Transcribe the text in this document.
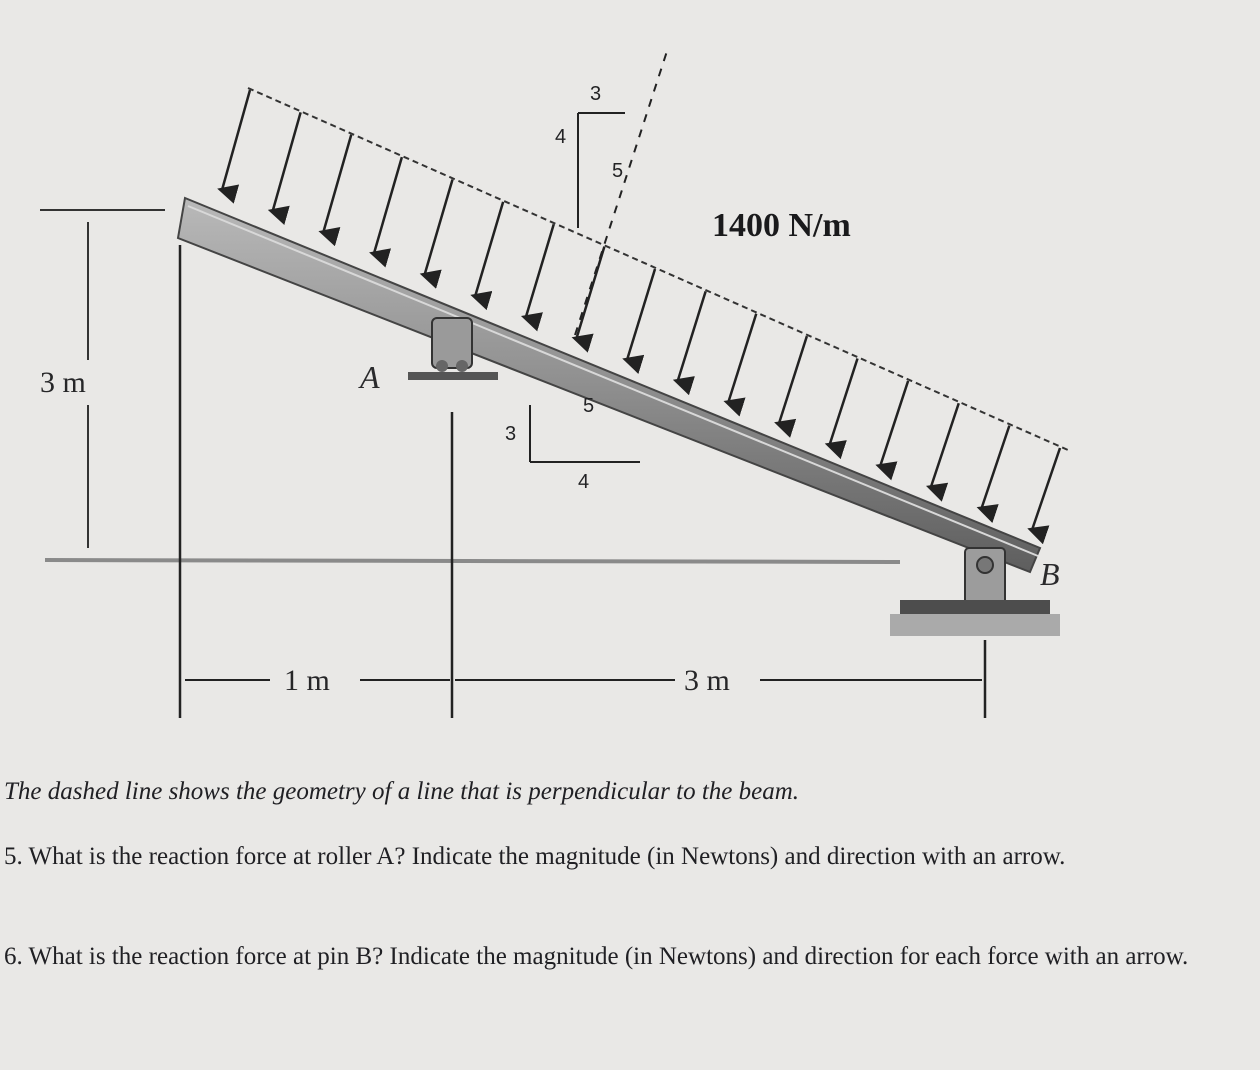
3 m
1 m	3 m
A
B
3
4
5
3
4
5
1400 N/m
The dashed line shows the geometry of a line that is perpendicular to the beam.
5. What is the reaction force at roller A? Indicate the magnitude (in Newtons) and direction with an arrow.
6. What is the reaction force at pin B? Indicate the magnitude (in Newtons) and direction for each force with an arrow.
